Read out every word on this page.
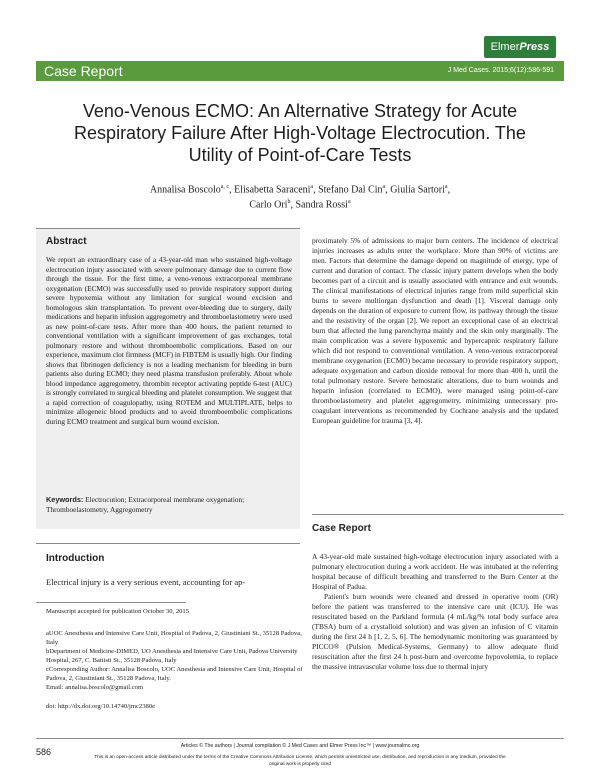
ElmerPress
Case Report	J Med Cases. 2015;6(12):586-591
Veno-Venous ECMO: An Alternative Strategy for Acute Respiratory Failure After High-Voltage Electrocution. The Utility of Point-of-Care Tests
Annalisa Boscolo$^{a, c}$, Elisabetta Saraceni$^a$, Stefano Dal Cin$^a$, Giulia Sartori$^a$,
Carlo Ori$^b$, Sandra Rossi$^a$
Abstract
We report an extraordinary case of a 43-year-old man who sustained high-voltage electrocution injury associated with severe pulmonary damage due to current flow through the tissue. For the first time, a veno-venous extracorporeal membrane oxygenation (ECMO) was successfully used to provide respiratory support during severe hypoxemia without any limitation for surgical wound excision and homologous skin transplantation. To prevent over-bleeding due to surgery, daily medications and heparin infusion aggregometry and thromboelastometry were used as new point-of-care tests. After more than 400 hours, the patient returned to conventional ventilation with a significant improvement of gas exchanges, total pulmonary restore and without thromboembolic complications. Based on our experience, maximum clot firmness (MCF) in FIBTEM is usually high. Our finding shows that fibrinogen deficiency is not a leading mechanism for bleeding in burn patients also during ECMO; they need plasma transfusion preferably. About whole blood impedance aggregometry, thrombin receptor activating peptide 6-test (AUC) is strongly correlated to surgical bleeding and platelet consumption. We suggest that a rapid correction of coagulopathy, using ROTEM and MULTIPLATE, helps to minimize allogeneic blood products and to avoid thromboembolic complications during ECMO treatment and surgical burn wound excision.
Keywords: Electrocution; Extracorporeal membrane oxygenation; Thromboelastometry, Aggregometry
Introduction
Electrical injury is a very serious event, accounting for ap-
Manuscript accepted for publication October 30, 2015
aUOC Anesthesia and Intensive Care Unit, Hospital of Padova, 2, Giustiniani St., 35128 Padova, Italy
bDepartment of Medicine-DIMED, UO Anesthesia and Intensive Care Unit, Padova University Hospital, 267, C. Battisti St., 35128 Padova, Italy
cCorresponding Author: Annalisa Boscolo, UOC Anesthesia and Intensive Care Unit, Hospital of Padova, 2, Giustiniani St., 35128 Padova, Italy.
Email: annalisa.boscolo@gmail.com
doi: http://dx.doi.org/10.14740/jmc2380e

proximately 5% of admissions to major burn centers. The incidence of electrical injuries increases as adults enter the workplace. More than 90% of victims are men. Factors that determine the damage depend on magnitude of energy, type of current and duration of contact. The classic injury pattern develops when the body becomes part of a circuit and is usually associated with entrance and exit wounds. The clinical manifestations of electrical injuries range from mild superficial skin burns to severe multiorgan dysfunction and death [1]. Visceral damage only depends on the duration of exposure to current flow, its pathway through the tissue and the resistivity of the organ [2]. We report an exceptional case of an electrical burn that affected the lung parenchyma mainly and the skin only marginally. The main complication was a severe hypoxemic and hypercapnic respiratory failure which did not respond to conventional ventilation. A veno-venous extracorporeal membrane oxygenation (ECMO) became necessary to provide respiratory support, adequate oxygenation and carbon dioxide removal for more than 400 h, until the total pulmonary restore. Severe hemostatic alterations, due to burn wounds and heparin infusion (correlated to ECMO), were managed using point-of-care thromboelastometry and platelet aggregometry, minimizing unnecessary pro-coagulant interventions as recommended by Cochrane analysis and the updated European guideline for trauma [3, 4].

Case Report

A 43-year-old male sustained high-voltage electrocution injury associated with a pulmonary electrocution during a work accident. He was intubated at the referring hospital because of difficult breathing and transferred to the Burn Center at the Hospital of Padua.

Patient's burn wounds were cleaned and dressed in operative room (OR) before the patient was transferred to the intensive care unit (ICU). He was resuscitated based on the Parkland formula (4 mL/kg/% total body surface area (TBSA) burn of a crystalloid solution) and was given an infusion of C vitamin during the first 24 h [1, 2, 5, 6]. The hemodynamic monitoring was guaranteed by PICCO® (Pulsion Medical-Systems, Germany) to allow adequate fluid resuscitation after the first 24 h post-burn and overcome hypovolemia, to replace the massive intravascular volume loss due to thermal injury

586
Articles © The authors | Journal compilation © J Med Cases and Elmer Press Inc™ | www.journalmc.org
This is an open-access article distributed under the terms of the Creative Commons Attribution License, which permits unrestricted use, distribution, and reproduction in any medium, provided the original work is properly cited
